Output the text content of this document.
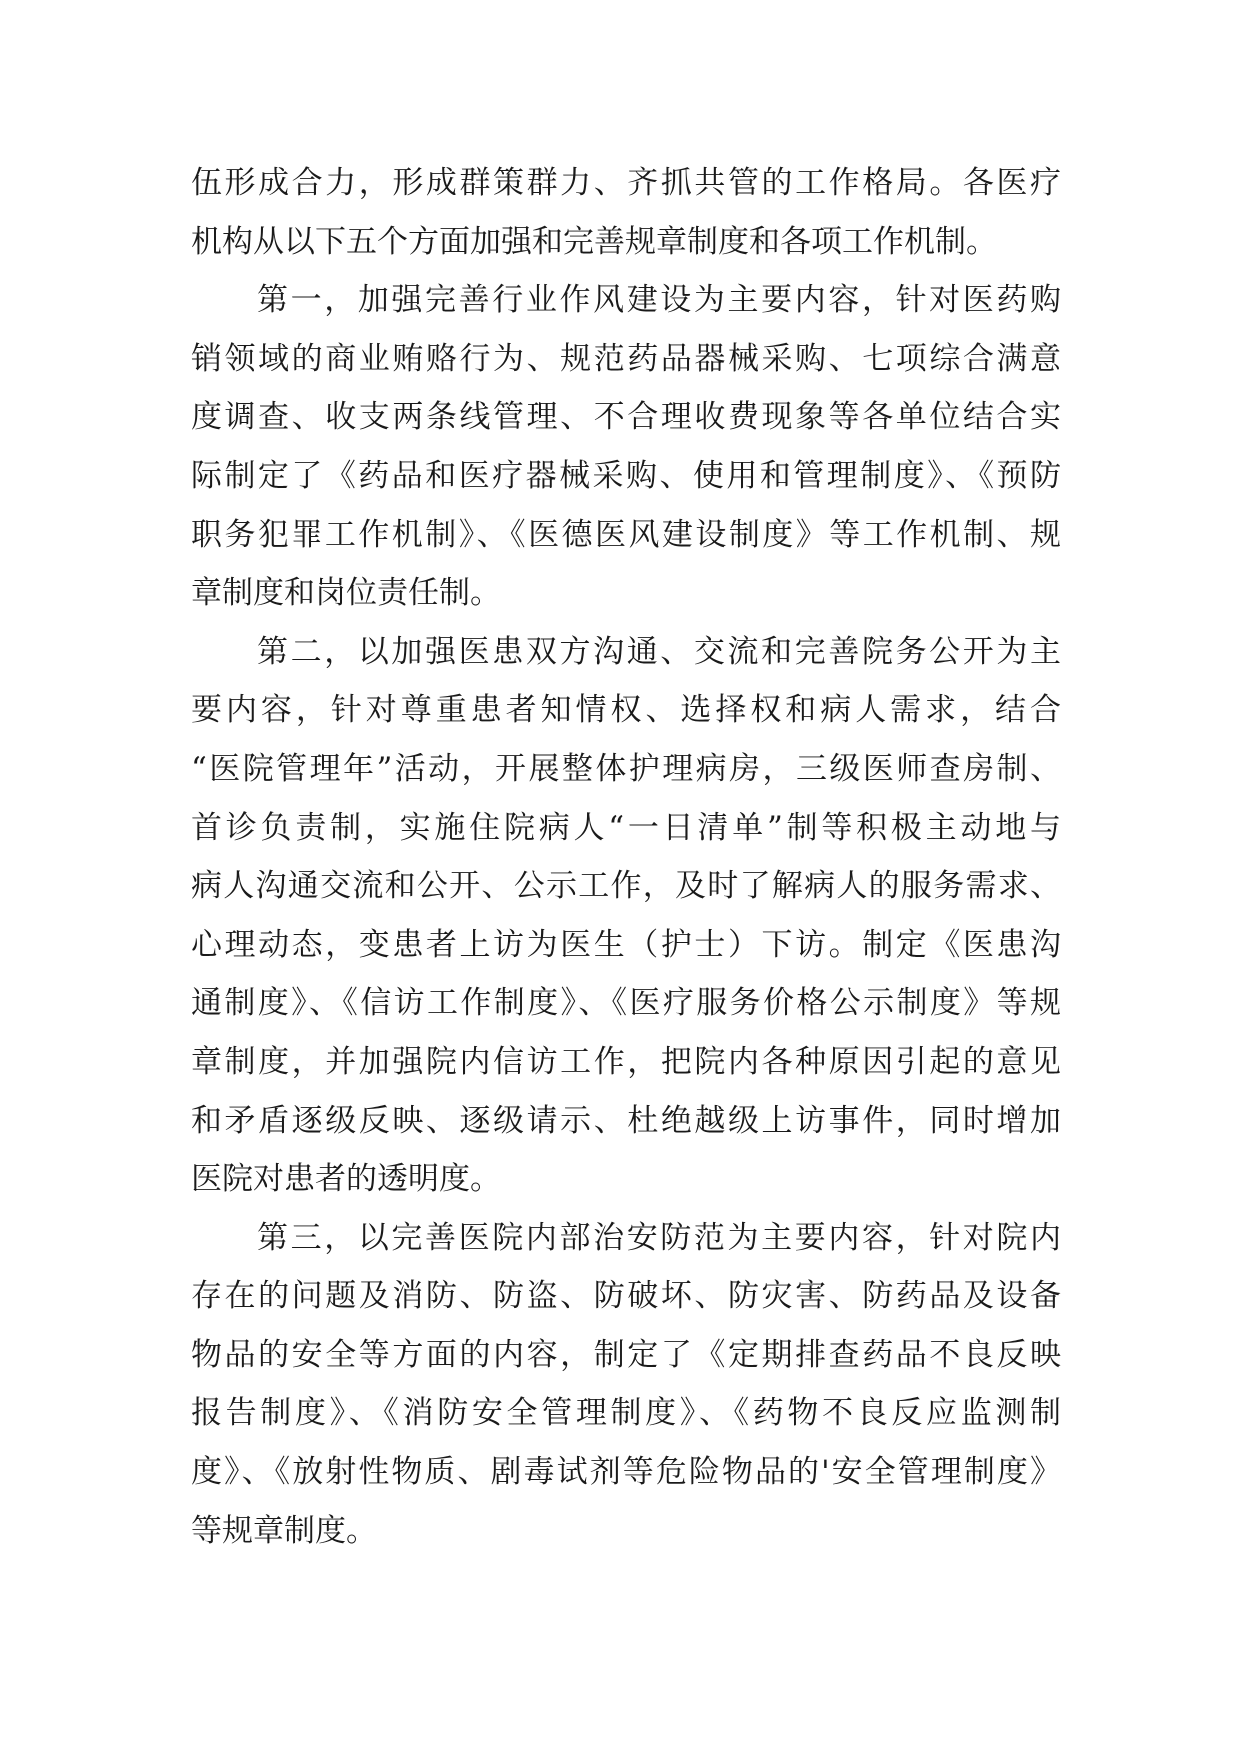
伍形成合力，形成群策群力、齐抓共管的工作格局。各医疗
机构从以下五个方面加强和完善规章制度和各项工作机制。
第一，加强完善行业作风建设为主要内容，针对医药购
销领域的商业贿赂行为、规范药品器械采购、七项综合满意
度调查、收支两条线管理、不合理收费现象等各单位结合实
际制定了《药品和医疗器械采购、使用和管理制度》、《预防
职务犯罪工作机制》、《医德医风建设制度》等工作机制、规
章制度和岗位责任制。
第二，以加强医患双方沟通、交流和完善院务公开为主
要内容，针对尊重患者知情权、选择权和病人需求，结合
“医院管理年”活动，开展整体护理病房，三级医师查房制、
首诊负责制，实施住院病人“一日清单”制等积极主动地与
病人沟通交流和公开、公示工作，及时了解病人的服务需求、
心理动态，变患者上访为医生（护士）下访。制定《医患沟
通制度》、《信访工作制度》、《医疗服务价格公示制度》等规
章制度，并加强院内信访工作，把院内各种原因引起的意见
和矛盾逐级反映、逐级请示、杜绝越级上访事件，同时增加
医院对患者的透明度。
第三，以完善医院内部治安防范为主要内容，针对院内
存在的问题及消防、防盗、防破坏、防灾害、防药品及设备
物品的安全等方面的内容，制定了《定期排查药品不良反映
报告制度》、《消防安全管理制度》、《药物不良反应监测制
度》、《放射性物质、剧毒试剂等危险物品的'安全管理制度》
等规章制度。
